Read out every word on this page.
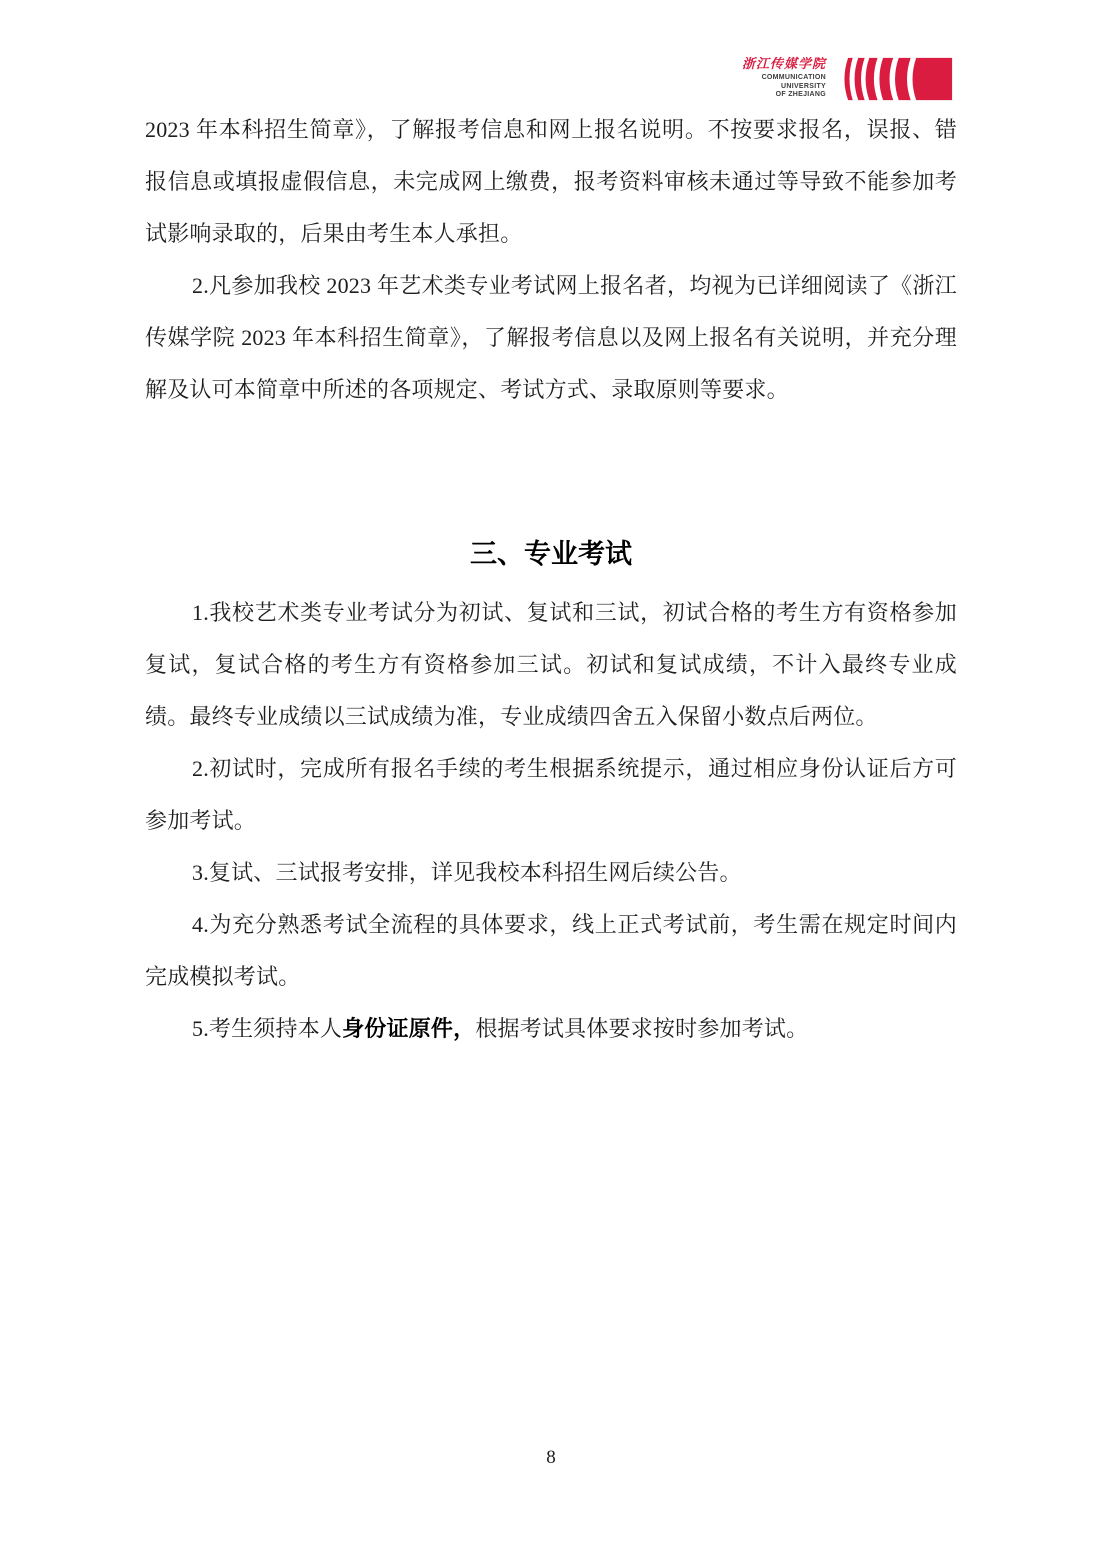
浙江传媒学院
COMMUNICATION
UNIVERSITY
OF ZHEJIANG

2023 年本科招生简章》，了解报考信息和网上报名说明。不按要求报名，误报、错报信息或填报虚假信息，未完成网上缴费，报考资料审核未通过等导致不能参加考试影响录取的，后果由考生本人承担。

2.凡参加我校 2023 年艺术类专业考试网上报名者，均视为已详细阅读了《浙江传媒学院 2023 年本科招生简章》，了解报考信息以及网上报名有关说明，并充分理解及认可本简章中所述的各项规定、考试方式、录取原则等要求。

三、专业考试

1.我校艺术类专业考试分为初试、复试和三试，初试合格的考生方有资格参加复试，复试合格的考生方有资格参加三试。初试和复试成绩，不计入最终专业成绩。最终专业成绩以三试成绩为准，专业成绩四舍五入保留小数点后两位。

2.初试时，完成所有报名手续的考生根据系统提示，通过相应身份认证后方可参加考试。

3.复试、三试报考安排，详见我校本科招生网后续公告。

4.为充分熟悉考试全流程的具体要求，线上正式考试前，考生需在规定时间内完成模拟考试。

5.考生须持本人身份证原件，根据考试具体要求按时参加考试。

8
